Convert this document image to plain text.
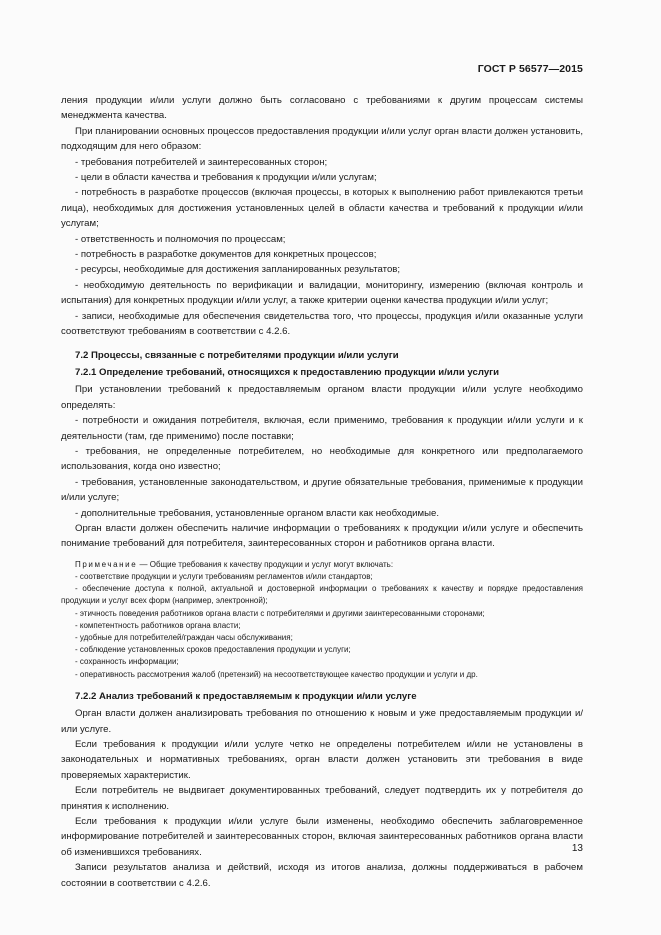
ГОСТ Р 56577—2015

ления продукции и/или услуги должно быть согласовано с требованиями к другим процессам системы менеджмента качества.

При планировании основных процессов предоставления продукции и/или услуг орган власти должен установить, подходящим для него образом:

- требования потребителей и заинтересованных сторон;

- цели в области качества и требования к продукции и/или услугам;

- потребность в разработке процессов (включая процессы, в которых к выполнению работ привлекаются третьи лица), необходимых для достижения установленных целей в области качества и требований к продукции и/или услугам;

- ответственность и полномочия по процессам;

- потребность в разработке документов для конкретных процессов;

- ресурсы, необходимые для достижения запланированных результатов;

- необходимую деятельность по верификации и валидации, мониторингу, измерению (включая контроль и испытания) для конкретных продукции и/или услуг, а также критерии оценки качества продукции и/или услуг;

- записи, необходимые для обеспечения свидетельства того, что процессы, продукция и/или оказанные услуги соответствуют требованиям в соответствии с 4.2.6.

7.2 Процессы, связанные с потребителями продукции и/или услуги

7.2.1 Определение требований, относящихся к предоставлению продукции и/или услуги

При установлении требований к предоставляемым органом власти продукции и/или услуге необходимо определять:

- потребности и ожидания потребителя, включая, если применимо, требования к продукции и/или услуги и к деятельности (там, где применимо) после поставки;

- требования, не определенные потребителем, но необходимые для конкретного или предполагаемого использования, когда оно известно;

- требования, установленные законодательством, и другие обязательные требования, применимые к продукции и/или услуге;

- дополнительные требования, установленные органом власти как необходимые.

Орган власти должен обеспечить наличие информации о требованиях к продукции и/или услуге и обеспечить понимание требований для потребителя, заинтересованных сторон и работников органа власти.

Примечание — Общие требования к качеству продукции и услуг могут включать:

- соответствие продукции и услуги требованиям регламентов и/или стандартов;

- обеспечение доступа к полной, актуальной и достоверной информации о требованиях к качеству и порядке предоставления продукции и услуг всех форм (например, электронной);

- этичность поведения работников органа власти с потребителями и другими заинтересованными сторонами;

- компетентность работников органа власти;

- удобные для потребителей/граждан часы обслуживания;

- соблюдение установленных сроков предоставления продукции и услуги;

- сохранность информации;

- оперативность рассмотрения жалоб (претензий) на несоответствующее качество продукции и услуги и др.

7.2.2 Анализ требований к предоставляемым к продукции и/или услуге

Орган власти должен анализировать требования по отношению к новым и уже предоставляемым продукции и/или услуге.

Если требования к продукции и/или услуге четко не определены потребителем и/или не установлены в законодательных и нормативных требованиях, орган власти должен установить эти требования в виде проверяемых характеристик.

Если потребитель не выдвигает документированных требований, следует подтвердить их у потребителя до принятия к исполнению.

Если требования к продукции и/или услуге были изменены, необходимо обеспечить заблаговременное информирование потребителей и заинтересованных сторон, включая заинтересованных работников органа власти об изменившихся требованиях.

Записи результатов анализа и действий, исходя из итогов анализа, должны поддерживаться в рабочем состоянии в соответствии с 4.2.6.

13
